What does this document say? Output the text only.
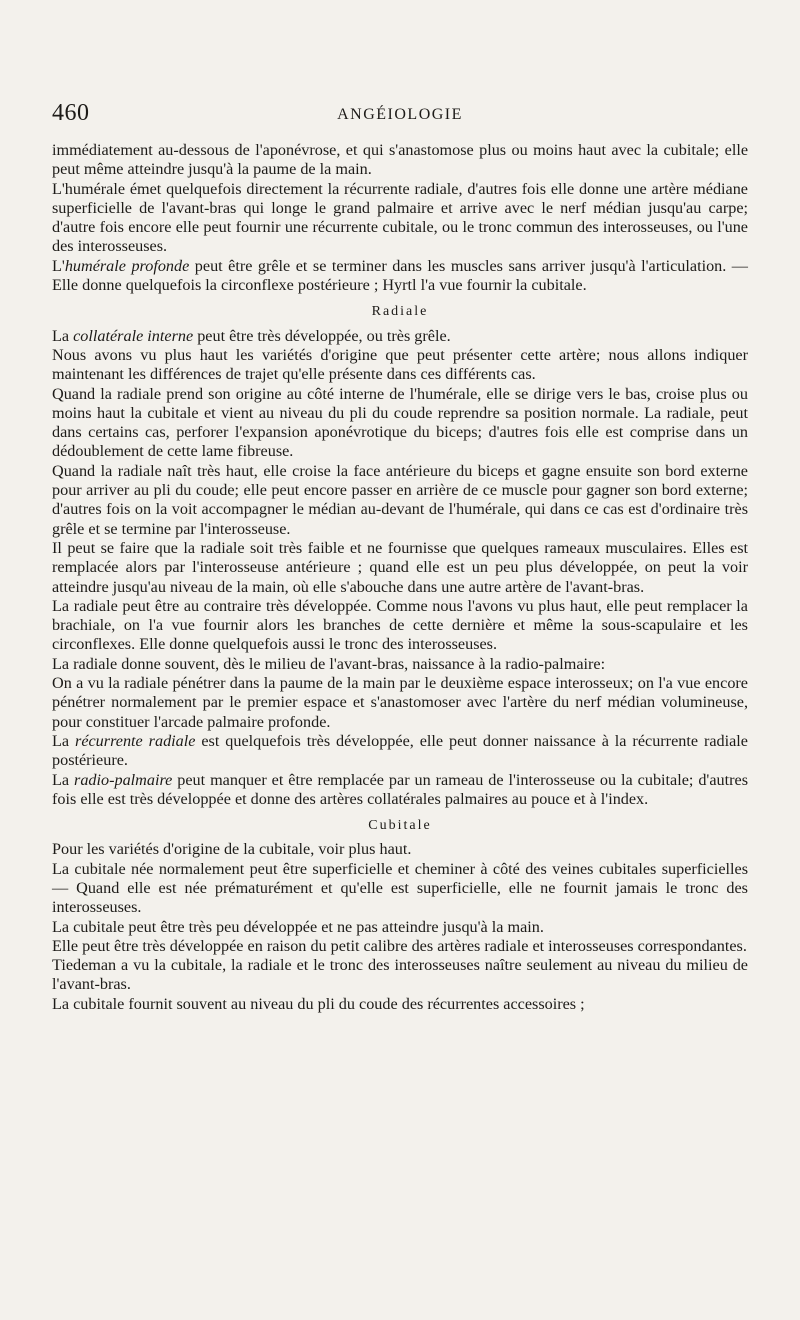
460	ANGÉIOLOGIE

immédiatement au-dessous de l'aponévrose, et qui s'anastomose plus ou moins haut avec la cubitale; elle peut même atteindre jusqu'à la paume de la main.

L'humérale émet quelquefois directement la récurrente radiale, d'autres fois elle donne une artère médiane superficielle de l'avant-bras qui longe le grand palmaire et arrive avec le nerf médian jusqu'au carpe; d'autre fois encore elle peut fournir une récurrente cubitale, ou le tronc commun des interosseuses, ou l'une des interosseuses.

L'humérale profonde peut être grêle et se terminer dans les muscles sans arriver jusqu'à l'articulation. — Elle donne quelquefois la circonflexe postérieure ; Hyrtl l'a vue fournir la cubitale.

Radiale

La collatérale interne peut être très développée, ou très grêle.

Nous avons vu plus haut les variétés d'origine que peut présenter cette artère; nous allons indiquer maintenant les différences de trajet qu'elle présente dans ces différents cas.

Quand la radiale prend son origine au côté interne de l'humérale, elle se dirige vers le bas, croise plus ou moins haut la cubitale et vient au niveau du pli du coude reprendre sa position normale. La radiale, peut dans certains cas, perforer l'expansion aponévrotique du biceps; d'autres fois elle est comprise dans un dédoublement de cette lame fibreuse.

Quand la radiale naît très haut, elle croise la face antérieure du biceps et gagne ensuite son bord externe pour arriver au pli du coude; elle peut encore passer en arrière de ce muscle pour gagner son bord externe; d'autres fois on la voit accompagner le médian au-devant de l'humérale, qui dans ce cas est d'ordinaire très grêle et se termine par l'interosseuse.

Il peut se faire que la radiale soit très faible et ne fournisse que quelques rameaux musculaires. Elles est remplacée alors par l'interosseuse antérieure ; quand elle est un peu plus développée, on peut la voir atteindre jusqu'au niveau de la main, où elle s'abouche dans une autre artère de l'avant-bras.

La radiale peut être au contraire très développée. Comme nous l'avons vu plus haut, elle peut remplacer la brachiale, on l'a vue fournir alors les branches de cette dernière et même la sous-scapulaire et les circonflexes. Elle donne quelquefois aussi le tronc des interosseuses.

La radiale donne souvent, dès le milieu de l'avant-bras, naissance à la radio-palmaire:

On a vu la radiale pénétrer dans la paume de la main par le deuxième espace interosseux; on l'a vue encore pénétrer normalement par le premier espace et s'anastomoser avec l'artère du nerf médian volumineuse, pour constituer l'arcade palmaire profonde.

La récurrente radiale est quelquefois très développée, elle peut donner naissance à la récurrente radiale postérieure.

La radio-palmaire peut manquer et être remplacée par un rameau de l'interosseuse ou la cubitale; d'autres fois elle est très développée et donne des artères collatérales palmaires au pouce et à l'index.

Cubitale

Pour les variétés d'origine de la cubitale, voir plus haut.

La cubitale née normalement peut être superficielle et cheminer à côté des veines cubitales superficielles — Quand elle est née prématurément et qu'elle est superficielle, elle ne fournit jamais le tronc des interosseuses.

La cubitale peut être très peu développée et ne pas atteindre jusqu'à la main.

Elle peut être très développée en raison du petit calibre des artères radiale et interosseuses correspondantes.

Tiedeman a vu la cubitale, la radiale et le tronc des interosseuses naître seulement au niveau du milieu de l'avant-bras.

La cubitale fournit souvent au niveau du pli du coude des récurrentes accessoires ;
